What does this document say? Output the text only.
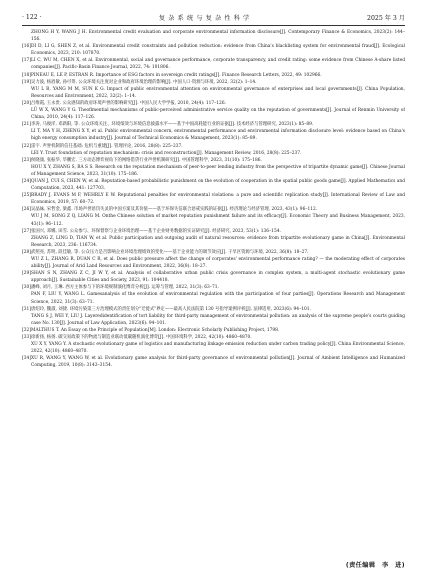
· 122 ·	复 杂 系 统 与 复 杂 性 科 学	2025 年 3 月
ZHONG H Y, WANG J H. Environmental credit evaluation and corporate environmental information disclosure[J]. Contemporary Finance & Economics, 2023(2): 144–156.
[16] DI D, LI G, SHEN Z, et al. Environmental credit constraints and pollution reduction: evidence from China's blacklisting system for environmental fraud[J]. Ecological Economics, 2023, 210: 107870.
[17] LI C, WU M, CHEN X, et al. Environmental, social and governance performance, corporate transparency, and credit rating: some evidence from Chinese A-share listed companies[J]. Pacific-Basin Finance Journal, 2022, 74: 101806.
[18] PINEAU E, LE P, ESTRAN R. Importance of ESG factors in sovereign credit ratings[J]. Finance Research Letters, 2022, 49: 102966.
[19] 吴力波, 杨眉敏, 孙可哿. 公众环境关注度对企业和政府环境治理的影响[J]. 中国人口·资源与环境, 2022, 32(2): 1–14.
WU L B, YANG M M, SUN K G. Impact of public environmental attention on environmental governance of enterprises and local governments[J]. China Population, Resources and Environment, 2022, 32(2): 1–14.
[20] 吕维霞, 王永贵. 公众感知的政府环境声誉的影响研究[J]. 中国人民大学学报, 2010, 24(4): 117–126.
LÜ W X, WANG Y G. Theoflmential mechanisms of public-perceived administrative service quality on the reputation of governments[J]. Journal of Renmin University of China, 2010, 24(4): 117–126.
[21] 李涛, 马俊洋, 邓新阳, 等. 公众环境关注、环境绩效与环境信息披露水平——基于中国高耗能行业的证据[J]. 技术经济与管理研究, 2023(1): 85–89.
LI T, MA Y H, ZHENG X Y, et al. Public environmental concern, environmental performance and environmental information disclosure level: evidence based on China's high energy consumption industry[J]. Journal of Technical Economics & Management, 2023(1): 85–89.
[22] 雷宇. 声誉机制的信任基础: 危机与重建[J]. 管理评论, 2016, 28(8): 225–237.
LEI Y. Trust foundation of reputation mechanism: crisis and reconstruction[J]. Management Review, 2016, 28(8): 225–237.
[23] 侯晓康, 张振华, 毕鹏宏. 三方动态博弈视角下的网络借贷行业声誉机制研究[J]. 中国管理科学, 2023, 31(10): 175–186.
HOU X Y, ZHANG S, BA S S. Research on the reputation mechanism of peer-to-peer lending industry from the perspective of tripartite dynamic game[J]. Chinese Journal of Management Science, 2023, 31(10): 175–186.
[24] QUAN J, CUI S, CHEN W, et al. Reputation-based probabilistic punishment on the evolution of cooperation in the spatial public goods game[J]. Applied Mathematics and Computation, 2023, 441: 127703.
[25] BRADY J, EVANS M F, WEHRLY E W. Reputational penalties for environmental violations: a pure and scientific replication study[J]. International Review of Law and Economics, 2019, 57: 60–72.
[26] 吴晶妹, 宋哲金, 梁鑫. 市场声誉惩罚失灵的中国方案及其价值——基于环保失信联合惩戒实践的证据[J]. 经济理论与经济管理, 2023, 43(1): 96–112.
WU J M, SONG Z Q, LIANG M. Onthe Chinese solution of market reputation punishment failure and its efficacy[J]. Economic Theory and Business Management, 2023, 43(1): 96–112.
[27] 张国兴, 邓娜, 田雪. 公众参与、环保督察与企业环境治理——基于企业财务数据的实证研究[J]. 经济研究, 2023, 53(1): 136–154.
ZHANG Z, LING D, TIAN W, et al. Public participation and outgoing audit of natural resources: evidence from tripartite evolutionary game in China[J]. Environmental Research, 2023, 236: 116734.
[28] 武照亮, 苏明, 段佳敏, 等. 公众压力是否影响企业环境治理绩效的变化——基于企业能力的调节效应[J]. 干旱区资源与环境, 2022, 36(8): 18–27.
WU Z L, ZHANG R, DUAN C R, et al. Does public pressure affect the change of corporates' environmental performance rating? — the moderating effect of corporates ability[J]. Journal of Arid Land Resources and Environment, 2022, 36(8): 18–27.
[29] SHAN S N, ZHANG Z C, JI W Y, et al. Analysis of collaborative urban public crisis governance in complex system, a multi-agent stochastic evolutionary game approach[J]. Sustainable Cities and Society, 2023, 91: 104418.
[30] 潘峰, 刘月, 王琳. 西方主体参与下的环境规制演化博弈分析[J]. 运筹与管理, 2022, 31(3): 63–71.
PAN F, LIU Y, WANG L. Gamesanalysis of the evolution of environmental regulation with the participation of four parties[J]. Operations Research and Management Science, 2022, 31(3): 63–71.
[31] 唐绍玲, 魏淑, 刘捷. 环境污染第三方治理模式的责任划分"迁徙式"界定——最高人民法院第 130 号指导案例评析[J]. 法律适用, 2023(6): 94–101.
TANG S J, WEI Y, LIU J. Layeredidentification of tort liability for third-party management of environmental pollution: an analysis of the supreme people's courts guiding case No. 130[J]. Journal of Law Application, 2023(6): 94–101.
[32] MALTHUS T. An Essay on the Principle of Population[M]. London: Electronic Scholarly Publishing Project, 1798.
[33] 徐新扬, 杨扬. 碳交易政策下的物流与制造业联动低碳随机演化博弈[J]. 中国环境科学, 2022, 42(10): 4860–4870.
XU X Y, YANG Y. A stochastic evolutionary game of logistics and manufacturing linkage emission reduction under carbon trading policy[J]. China Environmental Science, 2022, 42(10): 4860–4870.
[34] XU R, WANG Y, WANG W, et al. Evolutionary game analysis for third-party governance of environmental pollution[J]. Journal of Ambient Intelligence and Humanized Computing, 2019, 10(8): 3143–3154.
(责任编辑　李　进)
